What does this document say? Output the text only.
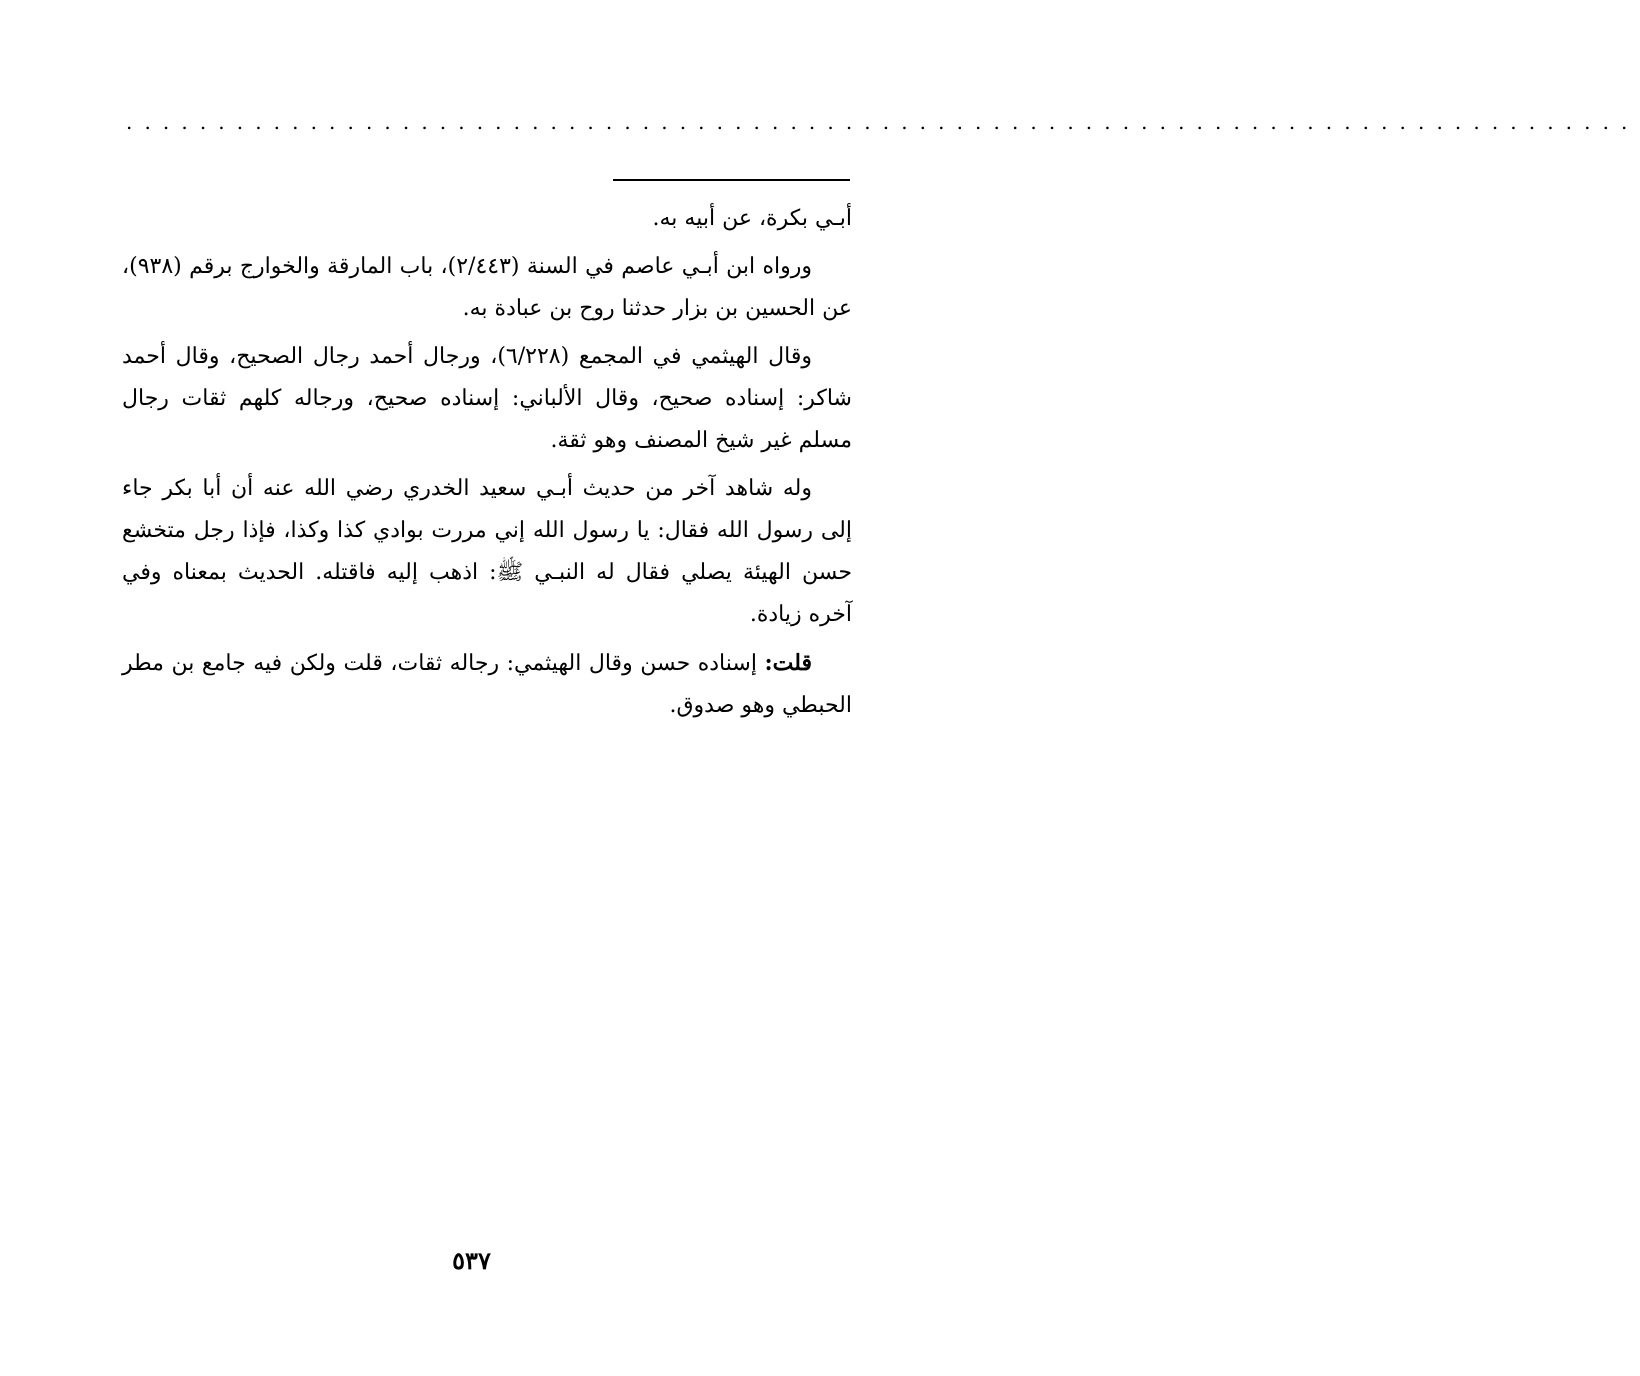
..................................................................................

أبـي بكرة، عن أبيه به.

ورواه ابن أبـي عاصم في السنة (٢/٤٤٣)، باب المارقة والخوارج برقم (٩٣٨)، عن الحسين بن بزار حدثنا روح بن عبادة به.

وقال الهيثمي في المجمع (٦/٢٢٨)، ورجال أحمد رجال الصحيح، وقال أحمد شاكر: إسناده صحيح، وقال الألباني: إسناده صحيح، ورجاله كلهم ثقات رجال مسلم غير شيخ المصنف وهو ثقة.

وله شاهد آخر من حديث أبـي سعيد الخدري رضي الله عنه أن أبا بكر جاء إلى رسول الله فقال: يا رسول الله إني مررت بوادي كذا وكذا، فإذا رجل متخشع حسن الهيئة يصلي فقال له النبـي ﷺ: اذهب إليه فاقتله. الحديث بمعناه وفي آخره زيادة.

قلت: إسناده حسن وقال الهيثمي: رجاله ثقات، قلت ولكن فيه جامع بن مطر الحبطي وهو صدوق.

٥٣٧
